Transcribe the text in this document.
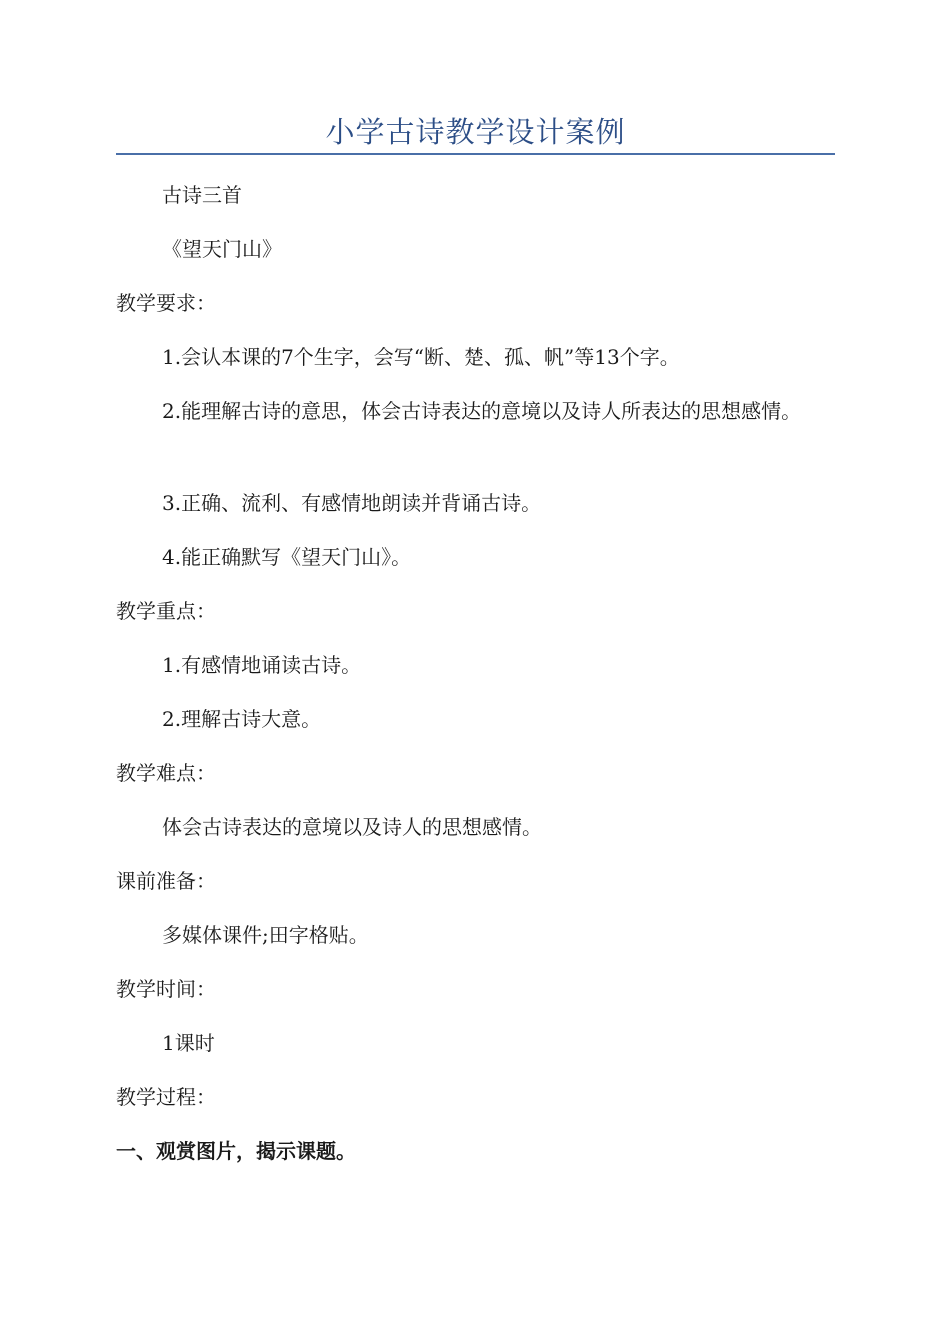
小学古诗教学设计案例

古诗三首

《望天门山》

教学要求：

1.会认本课的7个生字，会写“断、楚、孤、帆”等13个字。

2.能理解古诗的意思，体会古诗表达的意境以及诗人所表达的思想感情。

3.正确、流利、有感情地朗读并背诵古诗。

4.能正确默写《望天门山》。

教学重点：

1.有感情地诵读古诗。

2.理解古诗大意。

教学难点：

体会古诗表达的意境以及诗人的思想感情。

课前准备：

多媒体课件;田字格贴。

教学时间：

1课时

教学过程：

一、观赏图片，揭示课题。
